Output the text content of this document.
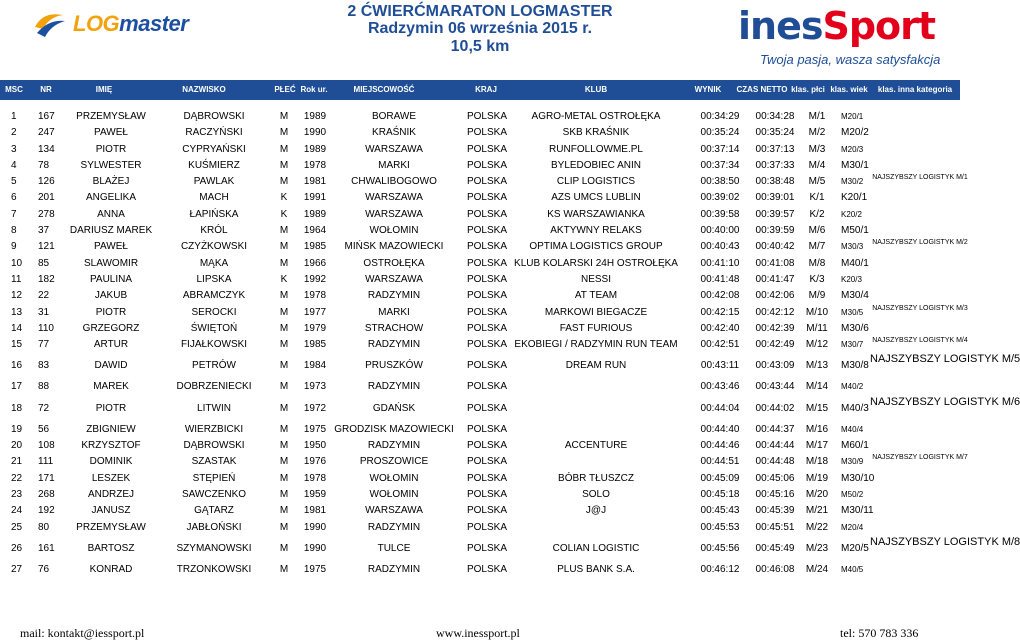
LOGmaster	2 ĆWIERĆMARATON LOGMASTER
Radzymin 06 września 2015 r.
10,5 km	inesSport
Twoja pasja, wasza satysfakcja
MSC NR	IMIĘ	NAZWISKO	PŁEĆ Rok ur.	MIEJSCOWOŚĆ	KRAJ	KLUB	WYNIK CZAS NETTO klas. płci klas. wiek klas. inna kategoria
1 167 PRZEMYSŁAW	DĄBROWSKI	M 1989	BORAWE	POLSKA AGRO-METAL OSTROŁĘKA	00:34:29 00:34:28 M/1 M20/1
2 247	PAWEŁ	RACZYŃSKI	M 1990	KRAŚNIK	POLSKA	SKB KRAŚNIK	00:35:24 00:35:24 M/2 M20/2
3 134	PIOTR	CYPRYAŃSKI	M 1989	WARSZAWA	POLSKA	RUNFOLLOWME.PL	00:37:14 00:37:13 M/3 M20/3
4 78	SYLWESTER	KUŚMIERZ	M 1978	MARKI	POLSKA	BYLEDOBIEC ANIN	00:37:34 00:37:33 M/4 M30/1
5 126	BLAŻEJ	PAWLAK	M 1981	CHWALIBOGOWO	POLSKA	CLIP LOGISTICS	00:38:50 00:38:48 M/5 M30/2	NAJSZYBSZY LOGISTYK M/1
6 201	ANGELIKA	MACH	K 1991	WARSZAWA	POLSKA	AZS UMCS LUBLIN	00:39:02 00:39:01 K/1 K20/1
7 278	ANNA	ŁAPIŃSKA	K 1989	WARSZAWA	POLSKA	KS WARSZAWIANKA	00:39:58 00:39:57 K/2 K20/2
8 37 DARIUSZ MAREK	KRÓL	M 1964	WOŁOMIN	POLSKA	AKTYWNY RELAKS	00:40:00 00:39:59 M/6 M50/1
9 121	PAWEŁ	CZYŻKOWSKI	M 1985 MIŃSK MAZOWIECKI POLSKA OPTIMA LOGISTICS GROUP	00:40:43 00:40:42 M/7 M30/3	NAJSZYBSZY LOGISTYK M/2
10 85	SLAWOMIR	MĄKA	M 1966	OSTROŁĘKA	POLSKA KLUB KOLARSKI 24H OSTROŁĘKA 00:41:10 00:41:08 M/8 M40/1
11 182	PAULINA	LIPSKA	K 1992	WARSZAWA	POLSKA	NESSI	00:41:48 00:41:47 K/3 K20/3
12 22	JAKUB	ABRAMCZYK	M 1978	RADZYMIN	POLSKA	AT TEAM	00:42:08 00:42:06 M/9 M30/4
13 31	PIOTR	SEROCKI	M 1977	MARKI	POLSKA	MARKOWI BIEGACZE	00:42:15 00:42:12 M/10 M30/5	NAJSZYBSZY LOGISTYK M/3
14 110	GRZEGORZ	ŚWIĘTOŃ	M 1979	STRACHOW	POLSKA	FAST FURIOUS	00:42:40 00:42:39 M/11 M30/6
15 77	ARTUR	FIJAŁKOWSKI	M 1985	RADZYMIN	POLSKA EKOBIEGI / RADZYMIN RUN TEAM 00:42:51 00:42:49 M/12 M30/7	NAJSZYBSZY LOGISTYK M/4
16 83	DAWID	PETRÓW	M 1984	PRUSZKÓW	POLSKA	DREAM RUN	00:43:11 00:43:09 M/13 M30/8
NAJSZYBSZY LOGISTYK M/5
17 88	MAREK	DOBRZENIECKI	M 1973	RADZYMIN	POLSKA	00:43:46 00:43:44 M/14 M40/2
18 72	PIOTR	LITWIN	M 1972	GDAŃSK	POLSKA	00:44:04 00:44:02 M/15 M40/3
NAJSZYBSZY LOGISTYK M/6
19 56	ZBIGNIEW	WIERZBICKI	M 1975 GRODZISK MAZOWIECKI POLSKA	00:44:40 00:44:37 M/16 M40/4
20 108	KRZYSZTOF	DĄBROWSKI	M 1950	RADZYMIN	POLSKA	ACCENTURE	00:44:46 00:44:44 M/17 M60/1
21 111	DOMINIK	SZASTAK	M 1976	PROSZOWICE	POLSKA	00:44:51 00:44:48 M/18 M30/9	NAJSZYBSZY LOGISTYK M/7
22 171	LESZEK	STĘPIEŃ	M 1978	WOŁOMIN	POLSKA	BÓBR TŁUSZCZ	00:45:09 00:45:06 M/19 M30/10
23 268	ANDRZEJ	SAWCZENKO	M 1959	WOŁOMIN	POLSKA	SOLO	00:45:18 00:45:16 M/20 M50/2
24 192	JANUSZ	GĄTARZ	M 1981	WARSZAWA	POLSKA	J@J	00:45:43 00:45:39 M/21 M30/11
25 80	PRZEMYSŁAW	JABŁOŃSKI	M 1990	RADZYMIN	POLSKA	00:45:53 00:45:51 M/22 M20/4
26 161	BARTOSZ	SZYMANOWSKI	M 1990	TULCE	POLSKA	COLIAN LOGISTIC	00:45:56 00:45:49 M/23 M20/5
NAJSZYBSZY LOGISTYK M/8
27 76	KONRAD	TRZONKOWSKI	M 1975	RADZYMIN	POLSKA	PLUS BANK S.A.	00:46:12 00:46:08 M/24 M40/5
mail: kontakt@iessport.pl	www.inessport.pl	tel: 570 783 336
